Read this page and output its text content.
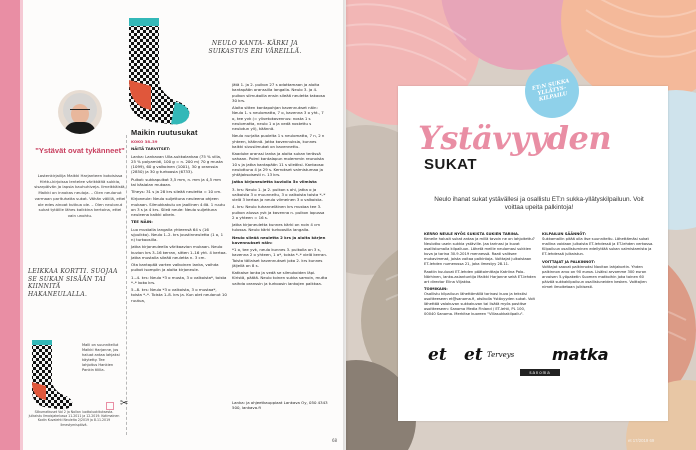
NEULO KANTA- KÄRKI JA SUIKASTUS ERI VÄREILLÄ.
"Ystävät ovat tykänneet"
Lastenkirjailija Maikki Harjanteen kotoisissa Hirttu-kirjoissa lentelee värikkäitä sukkia, sisarpäivän ja lapsia kauhuhiveja. Ilmeikkäistä, Maikki on innokas neuloja. – Olen neulonut varmaan parituhatta sukat. Vähän välillä, ettei ole edes ainoat kutkua ole. – Olen neulonut sukat tytöille lähes kaikkina kertoina, ettei vain unohtu.
LEIKKAA KORTTI. SUOJAA SE SUKAN SISÄÄN TAI KIINNITÄ HAKANEULALLA.
Malli on suunnitellut Maikki Harjanne, jos haluat antaa lahjaksi käytetty. Tee lahjoitus Hankien Pankin tililla.
Silkumatkuset Vol 2 ja Nollan luottoluokituksesta. Julkaistu Ilmaisjakelussa 11.2011 ja 12.2019. Kotimainen Kodin Kuvalehti Neuleita 2/2019 ja 8.11.2019 Ilmestymispäivä.
✂
Maikin ruutusukat

KOKO 38–39

NÄITÄ TARVITSET:

Lanka: Lankavan Ulla-sukkalankaa (75 % villa, 25 % polyamidi, 100 g = n. 200 m) 70 g musta (1099), 60 g valkoinen (1001), 30 g oranssia (2850) ja 30 g turkoosia (6733).

Puikot: sukkapuikot 3,5 mm, n. mm ja 4,5 mm tai käsialan mukaan.

Tiheys: 31 s ja 28 krs sileää neuletta = 10 cm.

Kirjoneule: Neulo suljettuna neuleena ohjeen mukaan. Silmukkakulu on jaollinen 4:llä. 1 ruutu on 3 s ja 4 krs. Sileä neule: Neulo suljettuna neuleena kaikki oikein.

TEE NÄIN:

Luo mustalla langalla yhteensä 64 s (16 s/puikko). Neulo 1–2. krs joustinneuletta (1 o, 1 n) turkoosilla.

Jatka kirjoneuleella värikaavion mukaan. Neulo kuvion krs 3–16 kerran, sitten 1–16 yht. 4 kertaa. Jatka mustalla sileää neuletta n. 3 cm.

Ota kantapää varten valkoinen lanka, vaihda puikot isompiin ja aloita kirjoneule.

1.–4. krs: Neulo *3 o musta, 3 o valkoista*, toista *–* koko krs.

5.–8. krs: Neulo *3 o valkoista, 3 o mustaa*, toista *–*. Toista 1–8. krs ja. Kun olet neulonut 10 ruutua,

jätä 1. ja 2. puikon 27 s odottamaan ja aloita kantapään oranssilla langalla. Neulo 3. ja 4. puikon silmukoilla ensin sileää neuletta takaosa 30 krs.

Aloita sitten kantapohjan kavennukset näin: Neulo 1. s neulomatta, 7 o, kavenna 3 o yht., 7 o, tee yvk (= ylivetokavennus: nosta 1 s neulomatta, neulo 1 o ja vedä nostettu s neulotun yli), käännä.

Neulo nurjalta puolelta 1 s neulomatta, 7 n, 2 n yhteen, käännä. Jatka kavennuksia, kunnes kaikki sivusilmukat on kavennettu.

Kaaduke oranssi lanka ja aloita sukan terässä vahaan. Poimi kantalapun molemmin reunoista 10 s ja jatka kantapään 11 s sileäksi. Kantaosa: neulottuna 4 ja 29 s. Kerrokset valmistumaa ja yhtäjaksoisesti n. 13 krs.

Jatka kirjoneuletta kuviolla 5x vilmista

3. krs: Neulo 1. ja 2. puikon s ohi, jatka o ja valkoista 3 o muunneltu, 3 o valkoista toista *–* vielä 3 kertaa ja neulo viimeinen 3 o valkoista.

4. krs: Neulo tuhanneläinen krs mustaa tee 3. puikon alussa yvk ja kavenna n. puikon lopussa 2 o yhteen = 16 s.

Jatka kirjoneuletta kunnes kärki on noin 4 cm tulossa. Neulo kärki turkoosilla langalla.

Neulo sileää neuletta 2 krs ja aloita kärjen kavennukset näin:

*1 o, tee yvk, neulo kunnes 3. puikolla on 3 s, kavenna 2 o yhteen, 1 o*, toista *–* vielä kerran. Toista tällaiset kavennukset joka 2. krs kunnes jäljellä on 8 s.

Katkaise lanka ja vedä se silmukoiden läpi. Kiristä, päätä. Neulo toinen sukka samoin, mutta vaihda oranssin ja turkoosin lankojen paikkaa.

Lanka: ja ohjeetkauppiaat Lankava Oy, 050 4343 500, lankava.fi
68
ET:N SUKKA YLLÄTYS-KILPAILU
Ystävyyden
SUKAT
Neulo ihanat sukat ystävällesi ja osallistu ET:n sukka-yllätyskilpailuun. Voit voittaa upeita palkintoja!

KERRO NEULE NYÖS SUKISTA SUKIEN TARINA.
Kenelle halusit sukat antaa ja millä tavoin ne on lahjoitettu? Neulotko usein sukkia ystäville. Jaa tarinasi ja kuvat osallistumalla kilpailuun. Lähetä meille neulomasi sukkien kuva ja tarina 30.9.2019 mennessä. Raati valitsee mukavimmat, joista voitaa palkintoja. Voittajat julkaistaan ET-lehden numerossa 21, joka ilmestyy 28.11.

Raatiin kuuluvat ET-lehden päätoimittaja Katriina Palo-Närhinen, lanka-asiantuntija Maikki Harjanne sekä ET-lehden art director Elina Viljakka.

TOIMIKAIN:
Osallistu kilpailuun lähettämällä tarinasi kuva ja tekstisi osoitteeseen et@sanoma.fi, otsikolla Ystävyyden sukat. Voit lähettää valokuvan sukkakuvan tai lisätä myös postitse osoitteeseen: Sanoma Media Finland / ET-lehti, PL 100, 00040 Sanoma. Merkitse kuoreen "Villasukkakilpailu".

KILPAILUN SÄÄNNÖT:
Sukkamallin pitää olla itse suunniteltu. Lähettämäsi sukat mallina voidaan julkaista ET-lehdessä ja ET-lehden verkossa. Kilpailuun osallistuminen edellyttää sukan valmistamista ja ET-lehdessä julkaistun.

VOITTAJAT JA PALKINNOT:
Voittajat saavat palkinnoksi Novitan lahjakortin. Yhden palkinnon arvo on 90 euroa. Lisäksi arvomme 300 euron arvoisen 5-yöpaketin Suomen matkoihin joka toinen 60 päivää sukkakilpailuun osallistuneiden kesken. Voittajien nimet ilmoitetaan julkisesti.

et et Terveys matka
sanoma
et 17/2019 69
